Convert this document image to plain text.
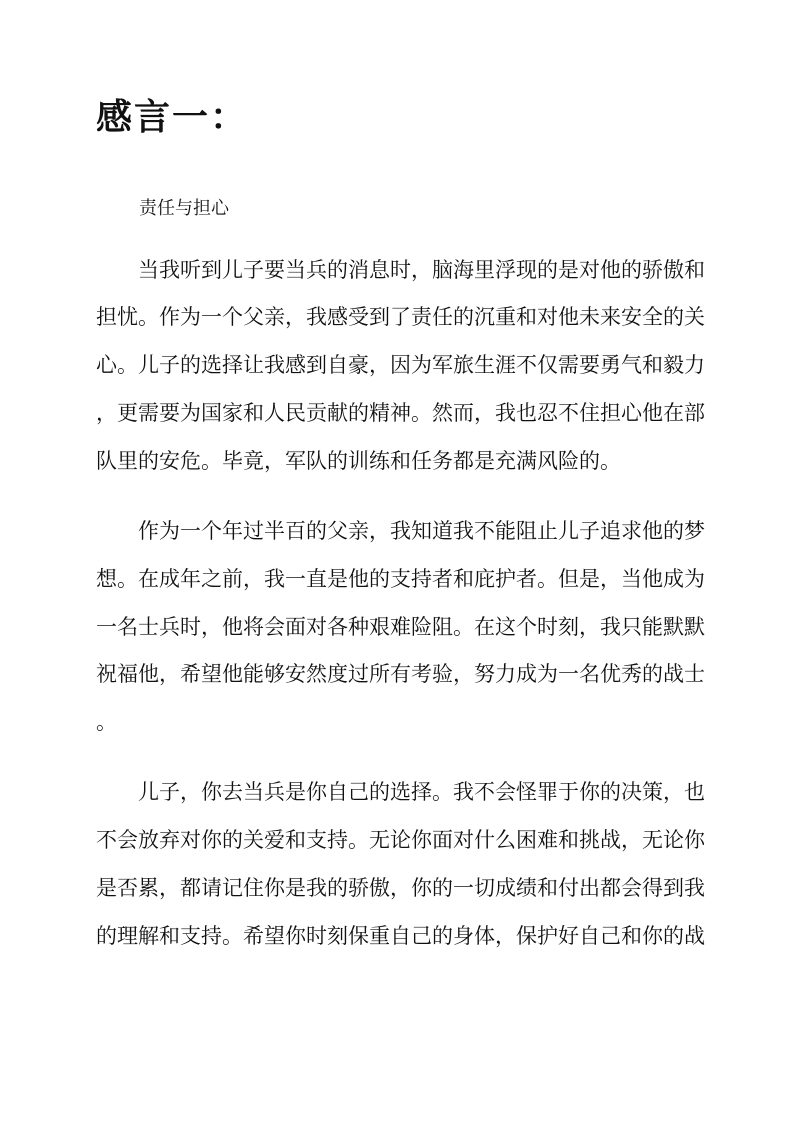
感言一：

责任与担心

　　当我听到儿子要当兵的消息时，脑海里浮现的是对他的骄傲和

担忧。作为一个父亲，我感受到了责任的沉重和对他未来安全的关

心。儿子的选择让我感到自豪，因为军旅生涯不仅需要勇气和毅力

，更需要为国家和人民贡献的精神。然而，我也忍不住担心他在部

队里的安危。毕竟，军队的训练和任务都是充满风险的。

　　作为一个年过半百的父亲，我知道我不能阻止儿子追求他的梦

想。在成年之前，我一直是他的支持者和庇护者。但是，当他成为

一名士兵时，他将会面对各种艰难险阻。在这个时刻，我只能默默

祝福他，希望他能够安然度过所有考验，努力成为一名优秀的战士

。

　　儿子，你去当兵是你自己的选择。我不会怪罪于你的决策，也

不会放弃对你的关爱和支持。无论你面对什么困难和挑战，无论你

是否累，都请记住你是我的骄傲，你的一切成绩和付出都会得到我

的理解和支持。希望你时刻保重自己的身体，保护好自己和你的战
